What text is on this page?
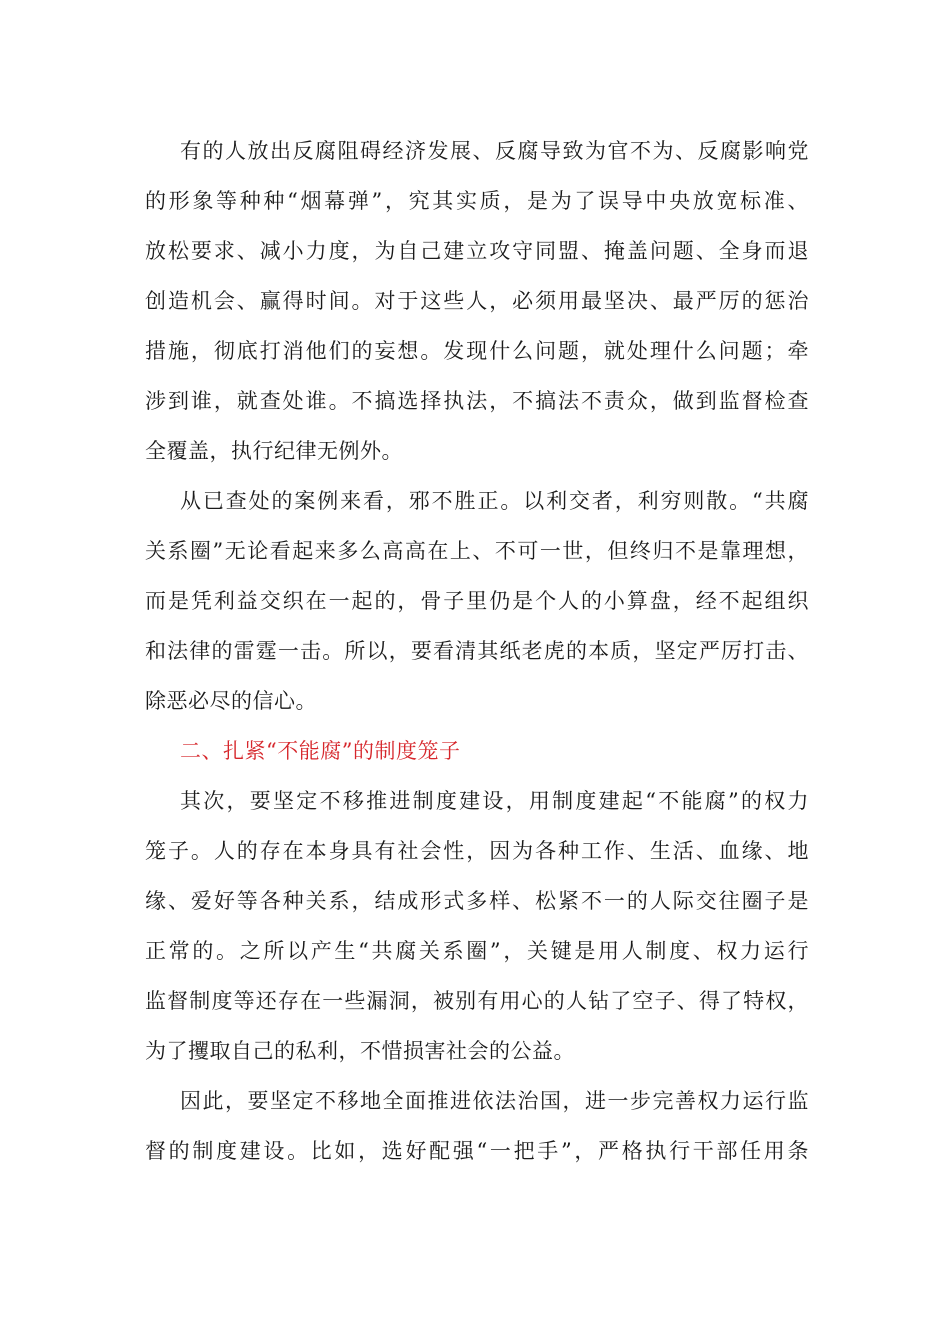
有的人放出反腐阻碍经济发展、反腐导致为官不为、反腐影响党
的形象等种种“烟幕弹”，究其实质，是为了误导中央放宽标准、
放松要求、减小力度，为自己建立攻守同盟、掩盖问题、全身而退
创造机会、赢得时间。对于这些人，必须用最坚决、最严厉的惩治
措施，彻底打消他们的妄想。发现什么问题，就处理什么问题；牵
涉到谁，就查处谁。不搞选择执法，不搞法不责众，做到监督检查
全覆盖，执行纪律无例外。
从已查处的案例来看，邪不胜正。以利交者，利穷则散。“共腐
关系圈”无论看起来多么高高在上、不可一世，但终归不是靠理想，
而是凭利益交织在一起的，骨子里仍是个人的小算盘，经不起组织
和法律的雷霆一击。所以，要看清其纸老虎的本质，坚定严厉打击、
除恶必尽的信心。
二、扎紧“不能腐”的制度笼子
其次，要坚定不移推进制度建设，用制度建起“不能腐”的权力
笼子。人的存在本身具有社会性，因为各种工作、生活、血缘、地
缘、爱好等各种关系，结成形式多样、松紧不一的人际交往圈子是
正常的。之所以产生“共腐关系圈”，关键是用人制度、权力运行
监督制度等还存在一些漏洞，被别有用心的人钻了空子、得了特权，
为了攫取自己的私利，不惜损害社会的公益。
因此，要坚定不移地全面推进依法治国，进一步完善权力运行监
督的制度建设。比如，选好配强“一把手”，严格执行干部任用条
